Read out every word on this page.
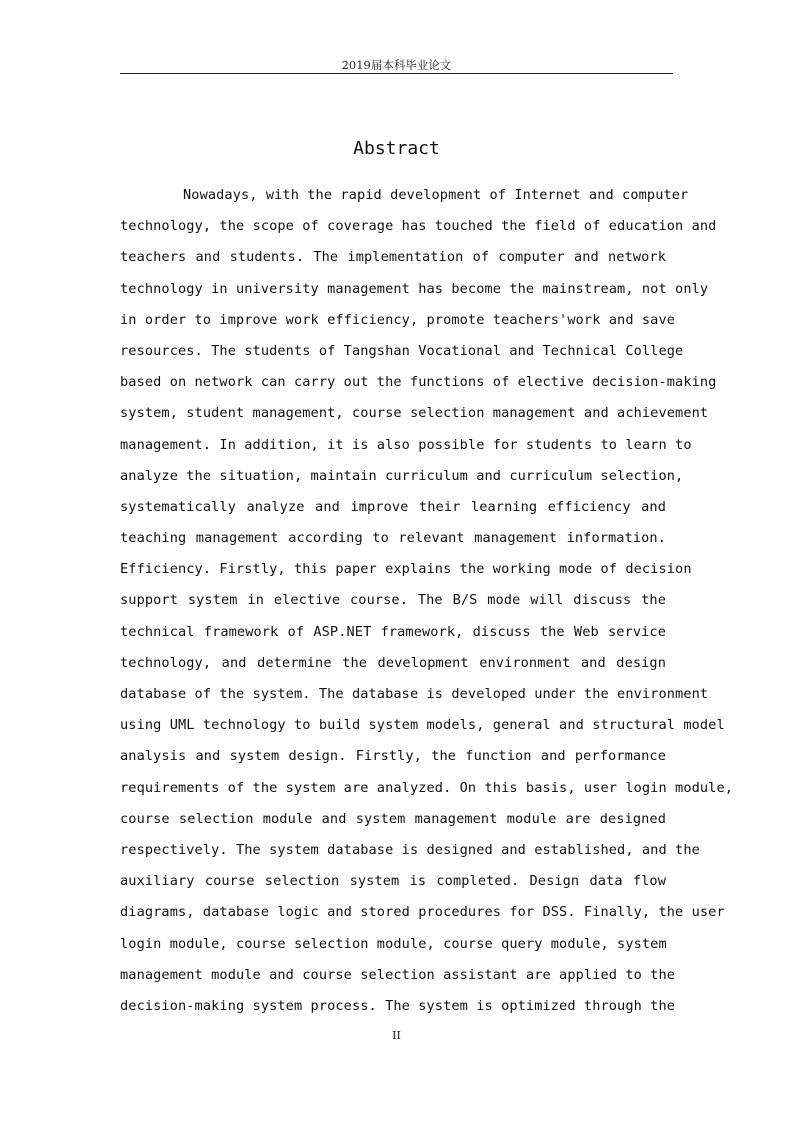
2019届本科毕业论文
Abstract
Nowadays, with the rapid development of Internet and computer
technology, the scope of coverage has touched the field of education and
teachers and students. The implementation of computer and network
technology in university management has become the mainstream, not only
in order to improve work efficiency, promote teachers'work and save
resources. The students of Tangshan Vocational and Technical College
based on network can carry out the functions of elective decision-making
system, student management, course selection management and achievement
management. In addition, it is also possible for students to learn to
analyze the situation, maintain curriculum and curriculum selection,
systematically analyze and improve their learning efficiency and
teaching management according to relevant management information.
Efficiency. Firstly, this paper explains the working mode of decision
support system in elective course. The B/S mode will discuss the
technical framework of ASP.NET framework, discuss the Web service
technology, and determine the development environment and design
database of the system. The database is developed under the environment
using UML technology to build system models, general and structural model
analysis and system design. Firstly, the function and performance
requirements of the system are analyzed. On this basis, user login module,
course selection module and system management module are designed
respectively. The system database is designed and established, and the
auxiliary course selection system is completed. Design data flow
diagrams, database logic and stored procedures for DSS. Finally, the user
login module, course selection module, course query module, system
management module and course selection assistant are applied to the
decision-making system process. The system is optimized through the
II
